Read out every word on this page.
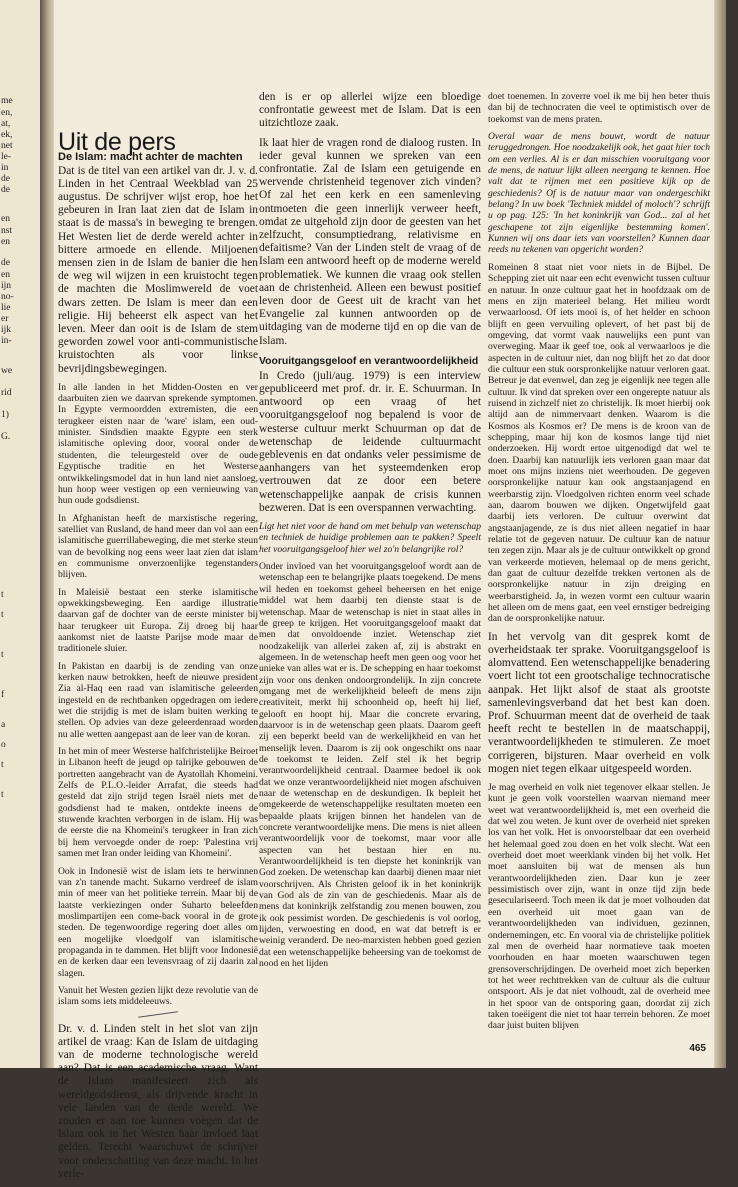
me
en,
at,
ek,
net
le-
in
de
de
en
nst
en
de
en
ijn
no-
lie
er
ijk
in-
we
rid
1)
G.
t
t
t
f
a
o
t
t
Uit de pers
De Islam: macht achter de machten

Dat is de titel van een artikel van dr. J. v. d. Linden in het Centraal Weekblad van 25 augustus. De schrijver wijst erop, hoe het gebeuren in Iran laat zien dat de Islam in staat is de massa's in beweging te brengen. Het Westen liet de derde wereld achter in bittere armoede en ellende. Miljoenen mensen zien in de Islam de banier die hen de weg wil wijzen in een kruistocht tegen de machten die Moslimwereld de voet dwars zetten. De Islam is meer dan een religie. Hij beheerst elk aspect van het leven. Meer dan ooit is de Islam de stem geworden zowel voor anti-communistische kruistochten als voor linkse bevrijdingsbewegingen.

In alle landen in het Midden-Oosten en ver daarbuiten zien we daarvan sprekende symptomen. In Egypte vermoordden extremisten, die een terugkeer eisten naar de 'ware' islam, een oud-minister. Sindsdien maakte Egypte een sterk islamitische opleving door, vooral onder de studenten, die teleurgesteld over de oude Egyptische traditie en het Westerse ontwikkelingsmodel dat in hun land niet aansloeg, hun hoop weer vestigen op een vernieuwing van hun oude godsdienst.

In Afghanistan heeft de marxistische regering, satelliet van Rusland, de hand meer dan vol aan een islamitische guerrillabeweging, die met sterke steun van de bevolking nog eens weer laat zien dat islam en communisme onverzoenlijke tegenstanders blijven.

In Maleisië bestaat een sterke islamitische opwekkingsbeweging. Een aardige illustratie daarvan gaf de dochter van de eerste minister bij haar terugkeer uit Europa. Zij droeg bij haar aankomst niet de laatste Parijse mode maar de traditionele sluier.

In Pakistan en daarbij is de zending van onze kerken nauw betrokken, heeft de nieuwe president Zia al-Haq een raad van islamitische geleerden ingesteld en de rechtbanken opgedragen om iedere wet die strijdig is met de islam buiten werking te stellen. Op advies van deze geleerdenraad worden nu alle wetten aangepast aan de leer van de koran.

In het min of meer Westerse halfchristelijke Beiroet in Libanon heeft de jeugd op talrijke gebouwen de portretten aangebracht van de Ayatollah Khomeini. Zelfs de P.L.O.-leider Arrafat, die steeds had gesteld dat zijn strijd tegen Israël niets met de godsdienst had te maken, ontdekte ineens de stuwende krachten verborgen in de islam. Hij was de eerste die na Khomeini's terugkeer in Iran zich bij hem vervoegde onder de roep: 'Palestina vrij samen met Iran onder leiding van Khomeini'.

Ook in Indonesië wist de islam iets te herwinnen van z'n tanende macht. Sukarno verdreef de islam min of meer van het politieke terrein. Maar bij de laatste verkiezingen onder Suharto beleefden moslimpartijen een come-back vooral in de grote steden. De tegenwoordige regering doet alles om een mogelijke vloedgolf van islamitische propaganda in te dammen. Het blijft voor Indonesië en de kerken daar een levensvraag of zij daarin zal slagen.

Vanuit het Westen gezien lijkt deze revolutie van de islam soms iets middeleeuws.

Dr. v. d. Linden stelt in het slot van zijn artikel de vraag: Kan de Islam de uitdaging van de moderne technologische wereld aan? Dat is een academische vraag. Want de Islam manifesteert zich als wereldgodsdienst, als drijvende kracht in vele landen van de derde wereld. We zouden er aan toe kunnen voegen dat de Islam ook in het Westen haar invloed laat gelden. Terecht waarschuwt de schrijver voor onderschatting van deze macht. In het verle-

den is er op allerlei wijze een bloedige confrontatie geweest met de Islam. Dat is een uitzichtloze zaak.

Ik laat hier de vragen rond de dialoog rusten. In ieder geval kunnen we spreken van een confrontatie. Zal de Islam een getuigende en wervende christenheid tegenover zich vinden? Of zal het een kerk en een samenleving ontmoeten die geen innerlijk verweer heeft, omdat ze uitgehold zijn door de geesten van het zelfzucht, consumptiedrang, relativisme en defaitisme? Van der Linden stelt de vraag of de Islam een antwoord heeft op de moderne wereld problematiek. We kunnen die vraag ook stellen aan de christenheid. Alleen een bewust positief leven door de Geest uit de kracht van het Evangelie zal kunnen antwoorden op de uitdaging van de moderne tijd en op die van de Islam.

Vooruitgangsgeloof en verantwoordelijkheid

In Credo (juli/aug. 1979) is een interview gepubliceerd met prof. dr. ir. E. Schuurman. In antwoord op een vraag of het vooruitgangsgeloof nog bepalend is voor de westerse cultuur merkt Schuurman op dat de wetenschap de leidende cultuurmacht geblevenis en dat ondanks veler pessimisme de aanhangers van het systeemdenken erop vertrouwen dat ze door een betere wetenschappelijke aanpak de crisis kunnen bezweren. Dat is een overspannen verwachting.

Ligt het niet voor de hand om met behulp van wetenschap en techniek de huidige problemen aan te pakken? Speelt het vooruitgangsgeloof hier wel zo'n belangrijke rol?

Onder invloed van het vooruitgangsgeloof wordt aan de wetenschap een te belangrijke plaats toegekend. De mens wil heden en toekomst geheel beheersen en het enige middel wat hem daarbij ten dienste staat is de wetenschap. Maar de wetenschap is niet in staat alles in de greep te krijgen. Het vooruitgangsgeloof maakt dat men dat onvoldoende inziet. Wetenschap ziet noodzakelijk van allerlei zaken af, zij is abstrakt en algemeen. In de wetenschap heeft men geen oog voor het unieke van alles wat er is. De schepping en haar toekomst zijn voor ons denken ondoorgrondelijk. In zijn concrete omgang met de werkelijkheid beleeft de mens zijn creativiteit, merkt hij schoonheid op, heeft hij lief, gelooft en hoopt hij. Maar die concrete ervaring, daarvoor is in de wetenschap geen plaats. Daarom geeft zij een beperkt beeld van de werkelijkheid en van het menselijk leven. Daarom is zij ook ongeschikt ons naar de toekomst te leiden. Zelf stel ik het begrip verantwoordelijkheid centraal. Daarmee bedoel ik ook dat we onze verantwoordelijkheid niet mogen afschuiven naar de wetenschap en de deskundigen. Ik bepleit het omgekeerde de wetenschappelijke resultaten moeten een bepaalde plaats krijgen binnen het handelen van de concrete verantwoordelijke mens. Die mens is niet alleen verantwoordelijk voor de toekomst, maar voor alle aspecten van het bestaan hier en nu. Verantwoordelijkheid is ten diepste het koninkrijk van God zoeken. De wetenschap kan daarbij dienen maar niet voorschrijven. Als Christen geloof ik in het koninkrijk van God als de zin van de geschiedenis. Maar als de mens dat koninkrijk zelfstandig zou menen bouwen, zou ik ook pessimist worden. De geschiedenis is vol oorlog, lijden, verwoesting en dood, en wat dat betreft is er weinig veranderd. De neo-marxisten hebben goed gezien dat een wetenschappelijke beheersing van de toekomst de nood en het lijden

doet toenemen. In zoverre voel ik me bij hen beter thuis dan bij de technocraten die veel te optimistisch over de toekomst van de mens praten.

Overal waar de mens bouwt, wordt de natuur teruggedrongen. Hoe noodzakelijk ook, het gaat hier toch om een verlies. Al is er dan misschien vooruitgang voor de mens, de natuur lijkt alleen neergang te kennen. Hoe valt dat te rijmen met een positieve kijk op de geschiedenis? Of is de natuur maar van ondergeschikt belang? In uw boek 'Techniek middel of moloch'? schrijft u op pag. 125: 'In het koninkrijk van God... zal al het geschapene tot zijn eigenlijke bestemming komen'. Kunnen wij ons daar iets van voorstellen? Kunnen daar reeds nu tekenen van opgericht worden?

Romeinen 8 staat niet voor niets in de Bijbel. De Schepping ziet uit naar een echt evenwicht tussen cultuur en natuur. In onze cultuur gaat het in hoofdzaak om de mens en zijn materieel belang. Het milieu wordt verwaarloosd. Of iets mooi is, of het helder en schoon blijft en geen vervuiling oplevert, of het past bij de omgeving, dat vormt vaak nauwelijks een punt van overweging. Maar ik geef toe, ook al verwaarloos je die aspecten in de cultuur niet, dan nog blijft het zo dat door die cultuur een stuk oorspronkelijke natuur verloren gaat. Betreur je dat evenwel, dan zeg je eigenlijk nee tegen alle cultuur. Ik vind dat spreken over een ongerepte natuur als ruisend in zichzelf niet zo christelijk. Ik moet hierbij ook altijd aan de nimmervaart denken. Waarom is die Kosmos als Kosmos er? De mens is de kroon van de schepping, maar hij kon de kosmos lange tijd niet onderzoeken. Hij wordt ertoe uitgenodigd dat wel te doen. Daarbij kan natuurlijk iets verloren gaan maar dat moet ons mijns inziens niet weerhouden. De gegeven oorspronkelijke natuur kan ook angstaanjagend en weerbarstig zijn. Vloedgolven richten enorm veel schade aan, daarom bouwen we dijken. Ongetwijfeld gaat daarbij iets verloren. De cultuur overwint dat angstaanjagende, ze is dus niet alleen negatief in haar relatie tot de gegeven natuur. De cultuur kan de natuur ten zegen zijn. Maar als je de cultuur ontwikkelt op grond van verkeerde motieven, helemaal op de mens gericht, dan gaat de cultuur dezelfde trekken vertonen als de oorspronkelijke natuur in zijn dreiging en weerbarstigheid. Ja, in wezen vormt een cultuur waarin het alleen om de mens gaat, een veel ernstiger bedreiging dan de oorspronkelijke natuur.

In het vervolg van dit gesprek komt de overheidstaak ter sprake. Vooruitgangsgeloof is alomvattend. Een wetenschappelijke benadering voert licht tot een grootschalige technocratische aanpak. Het lijkt alsof de staat als grootste samenlevingsverband dat het best kan doen. Prof. Schuurman meent dat de overheid de taak heeft recht te bestellen in de maatschappij, verantwoordelijkheden te stimuleren. Ze moet corrigeren, bijsturen. Maar overheid en volk mogen niet tegen elkaar uitgespeeld worden.

Je mag overheid en volk niet tegenover elkaar stellen. Je kunt je geen volk voorstellen waarvan niemand meer weet wat verantwoordelijkheid is, met een overheid die dat wel zou weten. Je kunt over de overheid niet spreken los van het volk. Het is onvoorstelbaar dat een overheid het helemaal goed zou doen en het volk slecht. Wat een overheid doet moet weerklank vinden bij het volk. Het moet aansluiten bij wat de mensen als hun verantwoordelijkheden zien. Daar kun je zeer pessimistisch over zijn, want in onze tijd zijn bede geseculariseerd. Toch meen ik dat je moet volhouden dat een overheid uit moet gaan van de verantwoordelijkheden van individuen, gezinnen, ondernemingen, etc. En vooral via de christelijke politiek zal men de overheid haar normatieve taak moeten voorhouden en haar moeten waarschuwen tegen grensoverschrijdingen. De overheid moet zich beperken tot het weer rechttrekken van de cultuur als die cultuur ontspoort. Als je dat niet volhoudt, zal de overheid mee in het spoor van de ontsporing gaan, doordat zij zich taken toeëigent die niet tot haar terrein behoren. Ze moet daar juist buiten blijven

465
